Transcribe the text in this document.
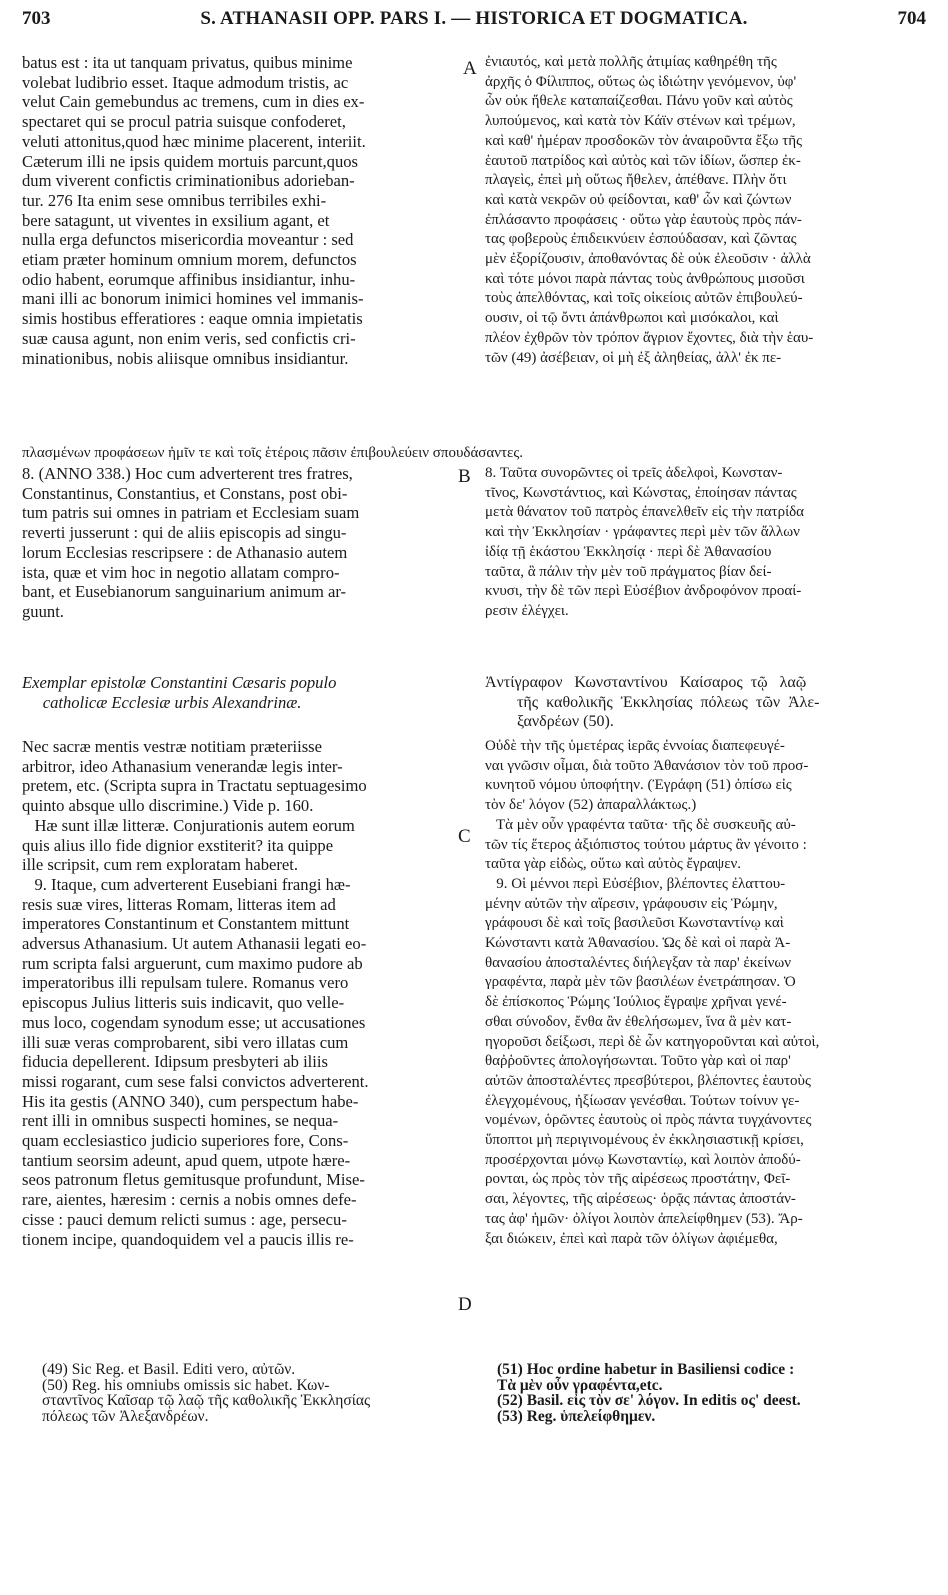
703	S. ATHANASII OPP. PARS I. — HISTORICA ET DOGMATICA.	704

batus est : ita ut tanquam privatus, quibus minime
volebat ludibrio esset. Itaque admodum tristis, ac
velut Cain gemebundus ac tremens, cum in dies ex-
spectaret qui se procul patria suisque confoderet,
veluti attonitus,quod hæc minime placerent, interiit.
Cæterum illi ne ipsis quidem mortuis parcunt,quos
dum viverent confictis criminationibus adorieban-
tur. 276 Ita enim sese omnibus terribiles exhi-
bere satagunt, ut viventes in exsilium agant, et
nulla erga defunctos misericordia moveantur : sed
etiam præter hominum omnium morem, defunctos
odio habent, eorumque affinibus insidiantur, inhu-
mani illi ac bonorum inimici homines vel immanis-
simis hostibus efferatiores : eaque omnia impietatis
suæ causa agunt, non enim veris, sed confictis cri-
minationibus, nobis aliisque omnibus insidiantur.

A ἐνιαυτός, καὶ μετὰ πολλῆς ἀτιμίας καθηρέθη τῆς
ἀρχῆς ὁ Φίλιππος, οὕτως ὡς ἰδιώτην γενόμενον, ὑφ'
ὧν οὐκ ἤθελε καταπαίζεσθαι. Πάνυ γοῦν καὶ αὐτὸς
λυπούμενος, καὶ κατὰ τὸν Κάϊν στένων καὶ τρέμων,
καὶ καθ' ἡμέραν προσδοκῶν τὸν ἀναιροῦντα ἔξω τῆς
ἑαυτοῦ πατρίδος καὶ αὐτὸς καὶ τῶν ἰδίων, ὥσπερ ἐκ-
πλαγεὶς, ἐπεὶ μὴ οὕτως ἤθελεν, ἀπέθανε. Πλὴν ὅτι
καὶ κατὰ νεκρῶν οὐ φείδονται, καθ' ὧν καὶ ζώντων
ἐπλάσαντο προφάσεις · οὕτω γὰρ ἑαυτοὺς πρὸς πάν-
τας φοβεροὺς ἐπιδεικνύειν ἐσπούδασαν, καὶ ζῶντας
μὲν ἐξορίζουσιν, ἀποθανόντας δὲ οὐκ ἐλεοῦσιν · ἀλλὰ
καὶ τότε μόνοι παρὰ πάντας τοὺς ἀνθρώπους μισοῦσι
τοὺς ἀπελθόντας, καὶ τοῖς οἰκείοις αὐτῶν ἐπιβουλεύ-
ουσιν, οἱ τῷ ὄντι ἀπάνθρωποι καὶ μισόκαλοι, καὶ
πλέον ἐχθρῶν τὸν τρόπον ἄγριον ἔχοντες, διὰ τὴν ἑαυ-
τῶν (49) ἀσέβειαν, οἱ μὴ ἐξ ἀληθείας, ἀλλ' ἐκ πε-

πλασμένων προφάσεων ἡμῖν τε καὶ τοῖς ἑτέροις πᾶσιν ἐπιβουλεύειν σπουδάσαντες.

8. (ANNO 338.) Hoc cum adverterent tres fratres,
Constantinus, Constantius, et Constans, post obi-
tum patris sui omnes in patriam et Ecclesiam suam
reverti jusserunt : qui de aliis episcopis ad singu-
lorum Ecclesias rescripsere : de Athanasio autem
ista, quæ et vim hoc in negotio allatam compro-
bant, et Eusebianorum sanguinarium animum ar-
guunt.

B 8. Ταῦτα συνορῶντες οἱ τρεῖς ἀδελφοὶ, Κωνσταν-
τῖνος, Κωνστάντιος, καὶ Κώνστας, ἐποίησαν πάντας
μετὰ θάνατον τοῦ πατρὸς ἐπανελθεῖν εἰς τὴν πατρίδα
καὶ τὴν Ἐκκλησίαν · γράφαντες περὶ μὲν τῶν ἄλλων
ἰδίᾳ τῇ ἑκάστου Ἐκκλησίᾳ · περὶ δὲ Ἀθανασίου
ταῦτα, ἃ πάλιν τὴν μὲν τοῦ πράγματος βίαν δεί-
κνυσι, τὴν δὲ τῶν περὶ Εὐσέβιον ἀνδροφόνον προαί-
ρεσιν ἐλέγχει.

Exemplar epistolæ Constantini Cæsaris populo
catholicæ Ecclesiæ urbis Alexandrinæ.

Ἀντίγραφον   Κωνσταντίνου   Καίσαρος  τῷ   λαῷ
τῆς  καθολικῆς  Ἐκκλησίας  πόλεως  τῶν  Ἀλε-
ξανδρέων (50).

Nec sacræ mentis vestræ notitiam præteriisse
arbitror, ideo Athanasium venerandæ legis inter-
pretem, etc. (Scripta supra in Tractatu septuagesimo
quinto absque ullo discrimine.) Vide p. 160.
Hæ sunt illæ litteræ. Conjurationis autem eorum
quis alius illo fide dignior exstiterit? ita quippe
ille scripsit, cum rem exploratam haberet.
9. Itaque, cum adverterent Eusebiani frangi hæ-
resis suæ vires, litteras Romam, litteras item ad
imperatores Constantinum et Constantem mittunt
adversus Athanasium. Ut autem Athanasii legati eo-
rum scripta falsi arguerunt, cum maximo pudore ab
imperatoribus illi repulsam tulere. Romanus vero
episcopus Julius litteris suis indicavit, quo velle-
mus loco, cogendam synodum esse; ut accusationes
illi suæ veras comprobarent, sibi vero illatas cum
fiducia depellerent. Idipsum presbyteri ab iliis
missi rogarant, cum sese falsi convictos adverterent.
His ita gestis (ANNO 340), cum perspectum habe-
rent illi in omnibus suspecti homines, se nequa-
quam ecclesiastico judicio superiores fore, Cons-
tantium seorsim adeunt, apud quem, utpote hære-
seos patronum fletus gemitusque profundunt, Mise-
rare, aientes, hæresim : cernis a nobis omnes defe-
cisse : pauci demum relicti sumus : age, persecu-
tionem incipe, quandoquidem vel a paucis illis re-

C
D

Οὐδὲ τὴν τῆς ὑμετέρας ἱερᾶς ἐννοίας διαπεφευγέ-
ναι γνῶσιν οἶμαι, διὰ τοῦτο Ἀθανάσιον τὸν τοῦ προσ-
κυνητοῦ νόμου ὑποφήτην. (Ἐγράφη (51) ὀπίσω εἰς
τὸν δε' λόγον (52) ἀπαραλλάκτως.)
Τὰ μὲν οὖν γραφέντα ταῦτα· τῆς δὲ συσκευῆς αὐ-
τῶν τίς ἕτερος ἀξιόπιστος τούτου μάρτυς ἂν γένοιτο :
ταῦτα γὰρ εἰδὼς, οὕτω καὶ αὐτὸς ἔγραψεν.
9. Οἱ μέννοι περὶ Εὐσέβιον, βλέποντες ἐλαττου-
μένην αὐτῶν τὴν αἵρεσιν, γράφουσιν εἰς Ῥώμην,
γράφουσι δὲ καὶ τοῖς βασιλεῦσι Κωνσταντίνῳ καὶ
Κώνσταντι κατὰ Ἀθανασίου. Ὡς δὲ καὶ οἱ παρὰ Ἀ-
θανασίου ἀποσταλέντες διήλεγξαν τὰ παρ' ἐκείνων
γραφέντα, παρὰ μὲν τῶν βασιλέων ἐνετράπησαν. Ὁ
δὲ ἐπίσκοπος Ῥώμης Ἰούλιος ἔγραψε χρῆναι γενέ-
σθαι σύνοδον, ἔνθα ἂν ἐθελήσωμεν, ἵνα ἃ μὲν κατ-
ηγοροῦσι δείξωσι, περὶ δὲ ὧν κατηγοροῦνται καὶ αὐτοὶ,
θαῤῥοῦντες ἀπολογήσωνται. Τοῦτο γὰρ καὶ οἱ παρ'
αὐτῶν ἀποσταλέντες πρεσβύτεροι, βλέποντες ἑαυτοὺς
ἐλεγχομένους, ἠξίωσαν γενέσθαι. Τούτων τοίνυν γε-
νομένων, ὁρῶντες ἑαυτοὺς οἱ πρὸς πάντα τυγχάνοντες
ὕποπτοι μὴ περιγινομένους ἐν ἐκκλησιαστικῇ κρίσει,
προσέρχονται μόνῳ Κωνσταντίῳ, καὶ λοιπὸν ἀποδύ-
ρονται, ὡς πρὸς τὸν τῆς αἱρέσεως προστάτην, Φεῖ-
σαι, λέγοντες, τῆς αἱρέσεως· ὁρᾷς πάντας ἀποστάν-
τας ἀφ' ἡμῶν· ὀλίγοι λοιπὸν ἀπελείφθημεν (53). Ἄρ-
ξαι διώκειν, ἐπεὶ καὶ παρὰ τῶν ὀλίγων ἀφιέμεθα,

(49) Sic Reg. et Basil. Editi vero, αὐτῶν.
(50) Reg. his omniubs omissis sic habet. Κων-
σταντῖνος Καῖσαρ τῷ λαῷ τῆς καθολικῆς Ἐκκλησίας
πόλεως τῶν Ἀλεξανδρέων.

(51) Hoc ordine habetur in Basiliensi codice :
Τὰ μὲν οὖν γραφέντα,etc.
(52) Basil. εἰς τὸν σε' λόγον. In editis ος' deest.
(53) Reg. ὑπελείφθημεν.
